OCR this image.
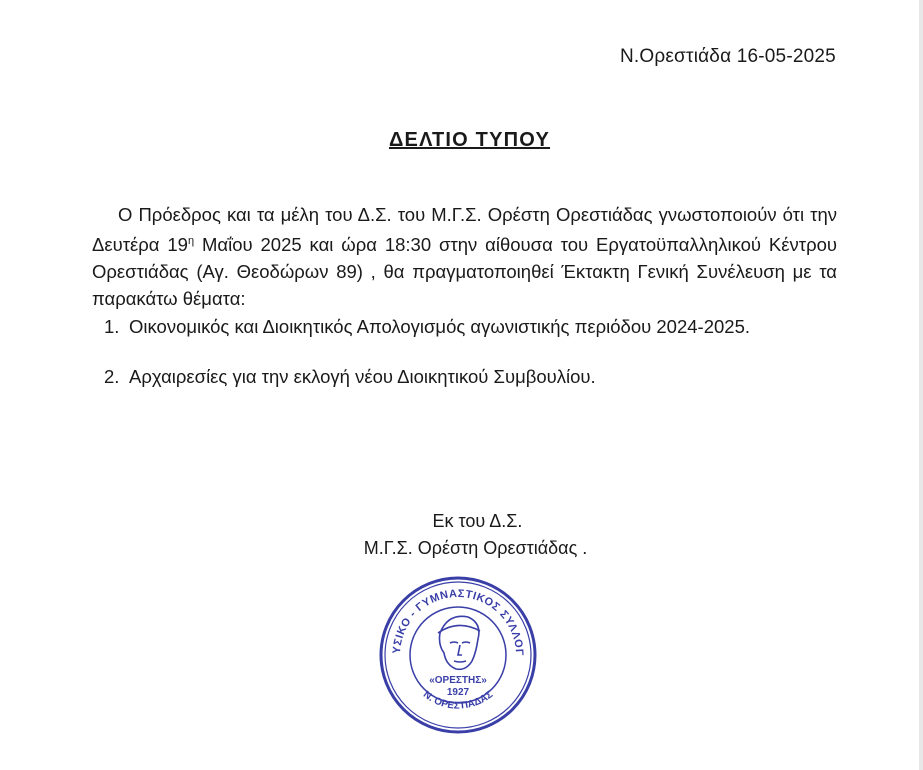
Ν.Ορεστιάδα 16-05-2025
ΔΕΛΤΙΟ ΤΥΠΟΥ
Ο Πρόεδρος και τα μέλη του Δ.Σ. του Μ.Γ.Σ. Ορέστη Ορεστιάδας γνωστοποιούν ότι την Δευτέρα $19^\eta$ Μαΐου 2025 και ώρα 18:30 στην αίθουσα του Εργατοϋπαλληλικού Κέντρου Ορεστιάδας (Αγ. Θεοδώρων 89) , θα πραγματοποιηθεί Έκτακτη Γενική Συνέλευση με τα παρακάτω θέματα:
1. Οικονομικός και Διοικητικός Απολογισμός αγωνιστικής περιόδου 2024-2025.
2. Αρχαιρεσίες για την εκλογή νέου Διοικητικού Συμβουλίου.
Εκ του Δ.Σ.
Μ.Γ.Σ. Ορέστη Ορεστιάδας .
ΥΣΙΚΟ - ΓΥΜΝΑΣΤΙΚΟΣ ΣΥΛΛΟΓ
Ν. ΟΡΕΣΤΙΑΔΑΣ
«ΟΡΕΣΤΗΣ»
1927
